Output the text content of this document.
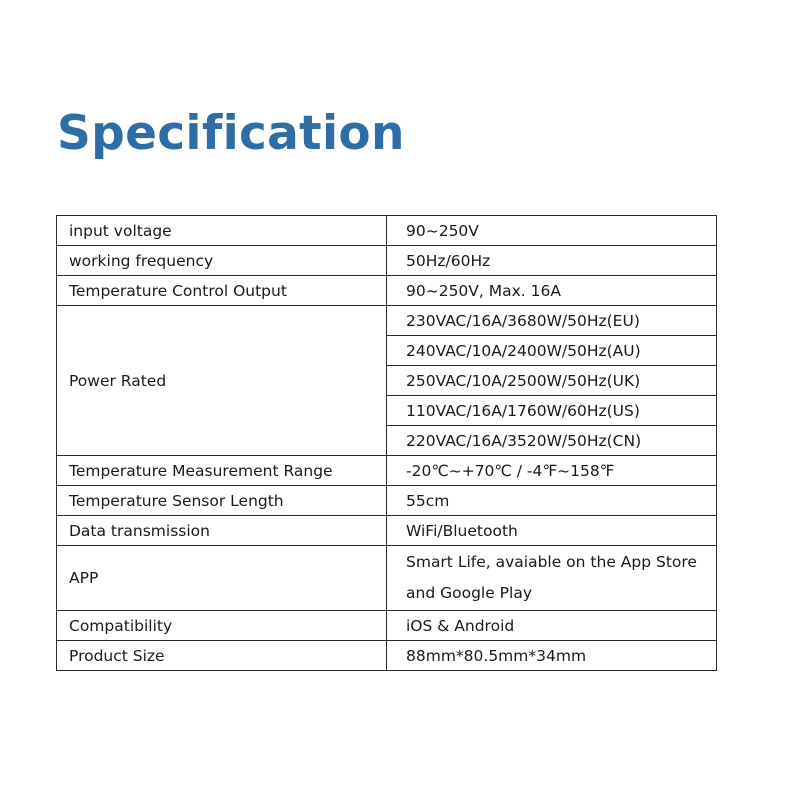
Specification
input voltage	90~250V
working frequency	50Hz/60Hz
Temperature Control Output	90~250V, Max. 16A
Power Rated	230VAC/16A/3680W/50Hz(EU)
	240VAC/10A/2400W/50Hz(AU)
	250VAC/10A/2500W/50Hz(UK)
	110VAC/16A/1760W/60Hz(US)
	220VAC/16A/3520W/50Hz(CN)
Temperature Measurement Range	-20℃~+70℃ / -4℉~158℉
Temperature Sensor Length	55cm
Data transmission	WiFi/Bluetooth
APP	Smart Life, avaiable on the App Store and Google Play
Compatibility	iOS & Android
Product Size	88mm*80.5mm*34mm
